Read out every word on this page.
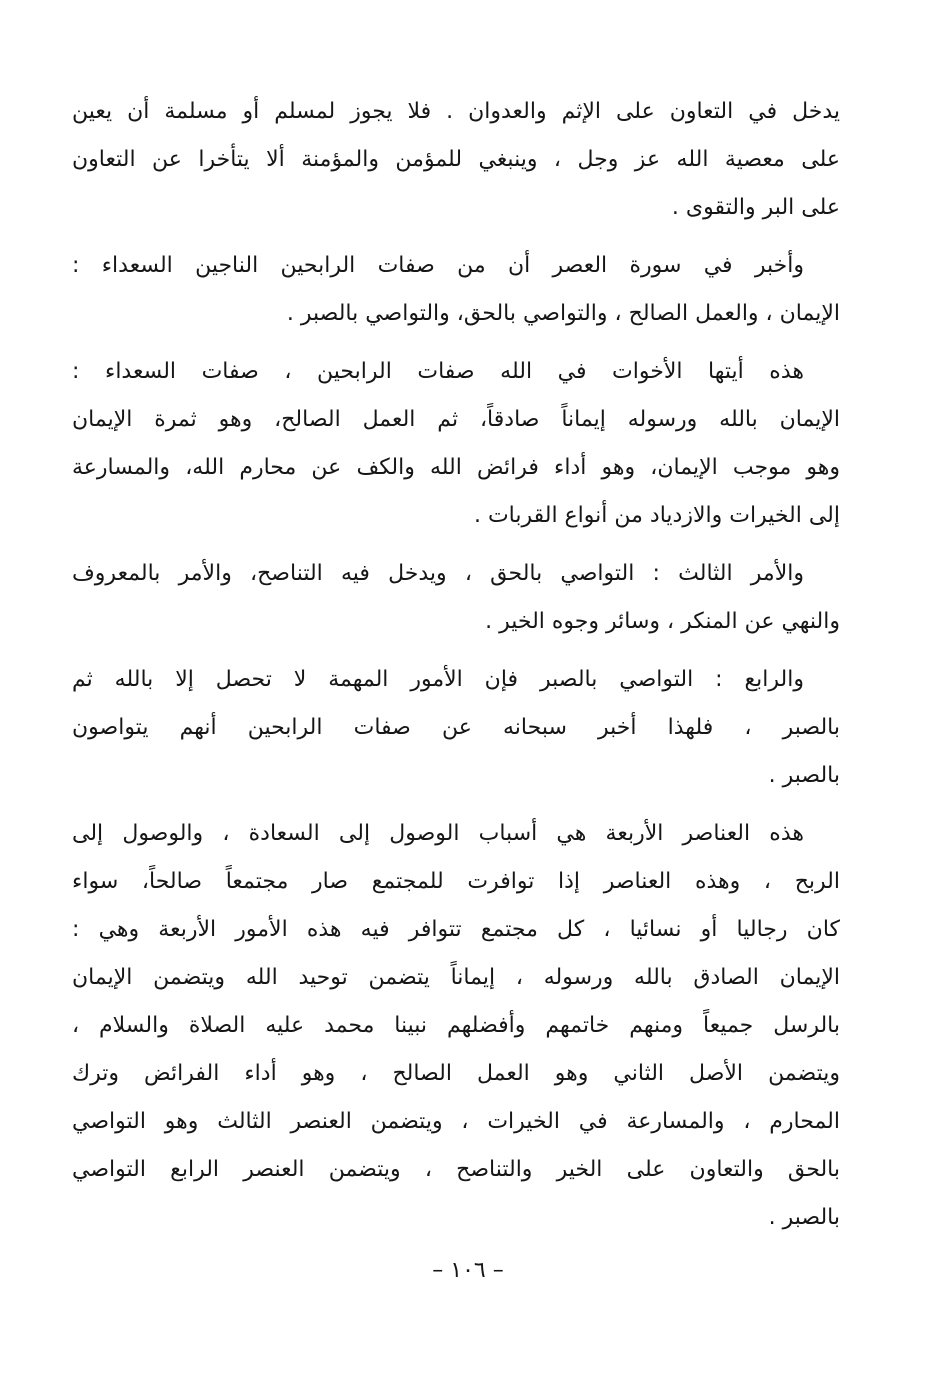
يدخل في التعاون على الإثم والعدوان . فلا يجوز لمسلم أو مسلمة أن يعين
على معصية الله عز وجل ، وينبغي للمؤمن والمؤمنة ألا يتأخرا عن التعاون
على البر والتقوى .
وأخبر في سورة العصر أن من صفات الرابحين الناجين السعداء :
الإيمان ، والعمل الصالح ، والتواصي بالحق، والتواصي بالصبر .
هذه أيتها الأخوات في الله صفات الرابحين ، صفات السعداء :
الإيمان بالله ورسوله إيماناً صادقاً، ثم العمل الصالح، وهو ثمرة الإيمان
وهو موجب الإيمان، وهو أداء فرائض الله والكف عن محارم الله، والمسارعة
إلى الخيرات والازدياد من أنواع القربات .
والأمر الثالث : التواصي بالحق ، ويدخل فيه التناصح، والأمر بالمعروف
والنهي عن المنكر ، وسائر وجوه الخير .
والرابع : التواصي بالصبر فإن الأمور المهمة لا تحصل إلا بالله ثم
بالصبر ، فلهذا أخبر سبحانه عن صفات الرابحين أنهم يتواصون
بالصبر .
هذه العناصر الأربعة هي أسباب الوصول إلى السعادة ، والوصول إلى
الربح ، وهذه العناصر إذا توافرت للمجتمع صار مجتمعاً صالحاً، سواء
كان رجاليا أو نسائيا ، كل مجتمع تتوافر فيه هذه الأمور الأربعة وهي :
الإيمان الصادق بالله ورسوله ، إيماناً يتضمن توحيد الله ويتضمن الإيمان
بالرسل جميعاً ومنهم خاتمهم وأفضلهم نبينا محمد عليه الصلاة والسلام ،
ويتضمن الأصل الثاني وهو العمل الصالح ، وهو أداء الفرائض وترك
المحارم ، والمسارعة في الخيرات ، ويتضمن العنصر الثالث وهو التواصي
بالحق والتعاون على الخير والتناصح ، ويتضمن العنصر الرابع التواصي
بالصبر .
– ١٠٦ –
